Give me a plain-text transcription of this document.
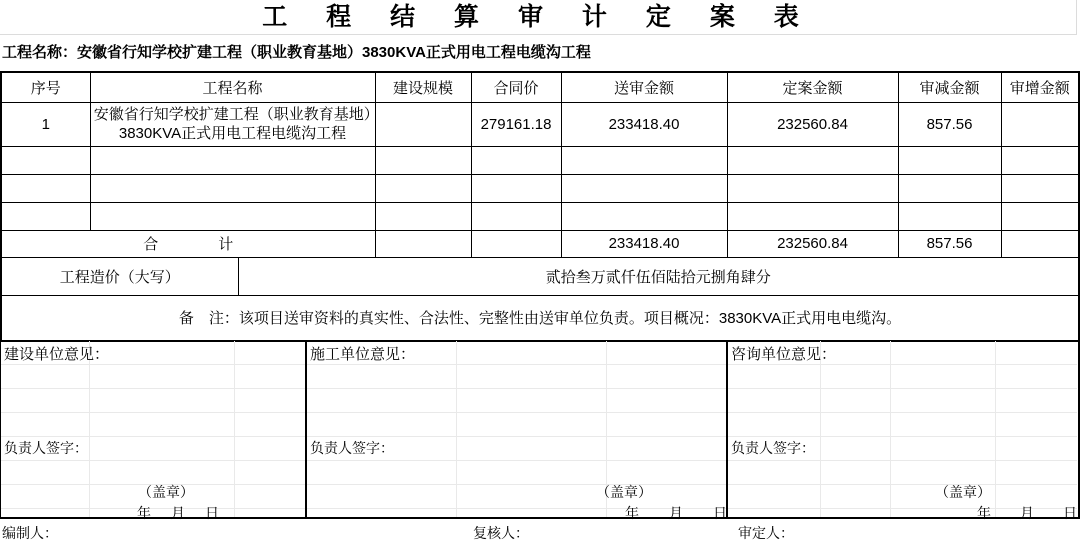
工 程 结 算 审 计 定 案 表
工程名称：安徽省行知学校扩建工程（职业教育基地）3830KVA正式用电工程电缆沟工程
序号	工程名称		建设规模	合同价	送审金额	定案金额	审减金额	审增金额
1	安徽省行知学校扩建工程（职业教育基地）3830KVA正式用电工程电缆沟工程			279161.18	233418.40	232560.84	857.56	

合　　　　计					233418.40	232560.84	857.56	
工程造价（大写）		贰拾叁万贰仟伍佰陆拾元捌角肆分						
备　注：该项目送审资料的真实性、合法性、完整性由送审单位负责。项目概况：3830KVA正式用电电缆沟。								
建设单位意见：
负责人签字：
（盖章）
年 月 日
施工单位意见：
负责人签字：
（盖章）
年 月 日
咨询单位意见：
负责人签字：
（盖章）
年 月 日
编制人：	复核人：	审定人：
